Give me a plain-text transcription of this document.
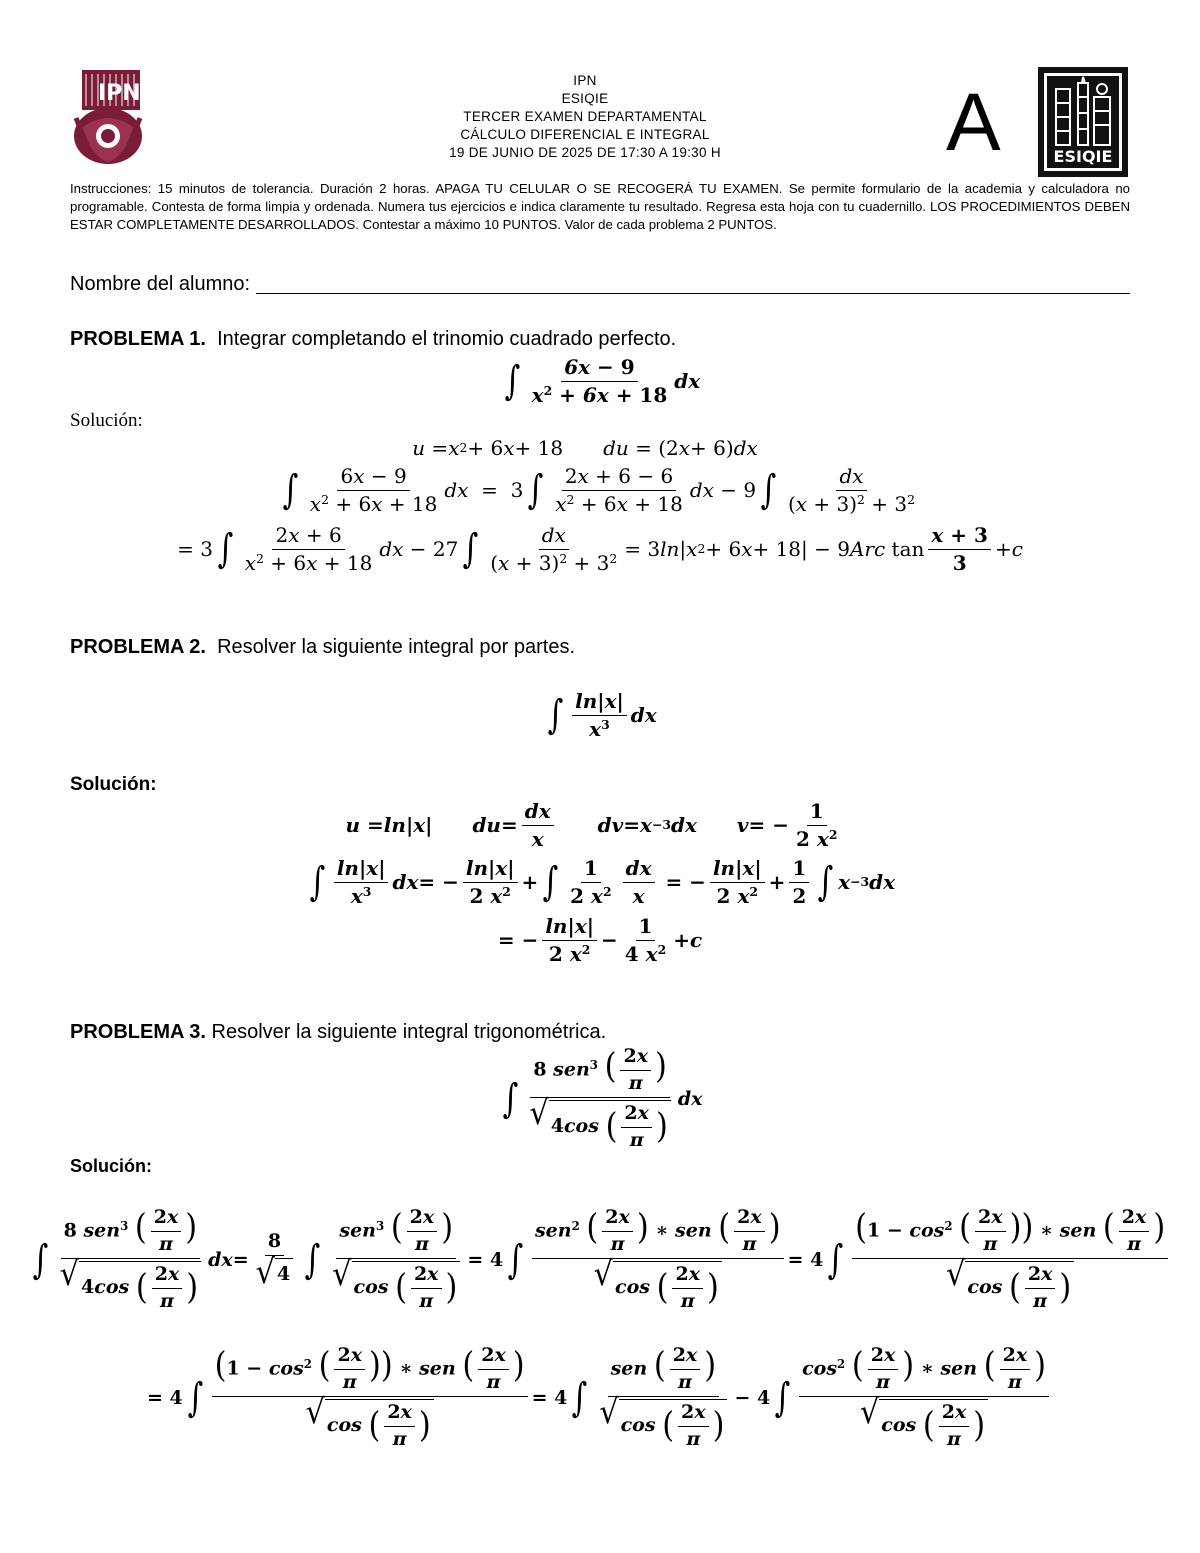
IPN
IPN
ESIQIE
TERCER EXAMEN DEPARTAMENTAL
CÁLCULO DIFERENCIAL E INTEGRAL
19 DE JUNIO DE 2025 DE 17:30 A 19:30 H	A	ESIQIE
Instrucciones: 15 minutos de tolerancia. Duración 2 horas. APAGA TU CELULAR O SE RECOGERÁ TU EXAMEN. Se permite formulario de la academia y calculadora no programable. Contesta de forma limpia y ordenada. Numera tus ejercicios e indica claramente tu resultado. Regresa esta hoja con tu cuadernillo. LOS PROCEDIMIENTOS DEBEN ESTAR COMPLETAMENTE DESARROLLADOS. Contestar a máximo 10 PUNTOS. Valor de cada problema 2 PUNTOS.
Nombre del alumno:
PROBLEMA 1. Integrar completando el trinomio cuadrado perfecto.
∫ $\frac{6x - 9}{x^2 + 6x + 18}$ dx
Solución:
u = x 2 + 6 x + 18 du = (2 x + 6) dx
∫ $\frac{6x - 9}{x^2 + 6x + 18}$ dx =  3 ∫ $\frac{2x + 6 - 6}{x^2 + 6x + 18}$ dx − 9 ∫ $\frac{dx}{(x + 3)^2 + 3^2}$
= 3 ∫ $\frac{2x + 6}{x^2 + 6x + 18}$ dx − 27 ∫ $\frac{dx}{(x + 3)^2 + 3^2} = 3$ ln | x 2 + 6 x + 18| − 9 Arc $\tan \frac{x + 3}{3} + c$
PROBLEMA 2. Resolver la siguiente integral por partes.
∫ $\frac{\ln|x|}{x^3}$ dx
Solución:
u = ln | x | du = $\frac{dx}{x}$ dv = x −3 dx v = − $\frac{1}{2 x^2}$
∫ $\frac{\ln|x|}{x^3}$ dx = − $\frac{\ln|x|}{2 x^2}$ + ∫ $\frac{1}{2 x^2} \frac{dx}{x}$ = − $\frac{\ln|x|}{2 x^2} + \frac{1}{2}$ ∫ x −3 dx
= − $\frac{\ln|x|}{2 x^2} - \frac{1}{4 x^2} + c$
PROBLEMA 3. Resolver la siguiente integral trigonométrica.
∫ 8 sen$^3$ ( $\frac{2x}{\pi}$ )
√ 4 cos
( $\frac{2x}{\pi}$ ) dx
Solución:
∫ 8 sen$^3$ ( $\frac{2x}{\pi}$ )
√ 4 cos
( $\frac{2x}{\pi}$ ) dx = $\frac{8}{√ 4}$ ∫ sen$^3$ ( $\frac{2x}{\pi}$ )
√ cos
( $\frac{2x}{\pi}$ ) = 4 ∫ sen$^2$ ( $\frac{2x}{\pi}$ ) ∗ sen ( $\frac{2x}{\pi}$ )
√ cos
( $\frac{2x}{\pi}$ ) = 4 ∫ ($1 - \cos^2$ ( $\frac{2x}{\pi}$ )) ∗ sen ( $\frac{2x}{\pi}$ )
√ cos
( $\frac{2x}{\pi}$ )
= 4 ∫ ($1 - \cos^2$ ( $\frac{2x}{\pi}$ )) ∗ sen ( $\frac{2x}{\pi}$ )
√ cos
( $\frac{2x}{\pi}$ ) = 4 ∫ sen ( $\frac{2x}{\pi}$ )
√ cos
( $\frac{2x}{\pi}$ ) − 4 ∫ $\cos^2$ ( $\frac{2x}{\pi}$ ) ∗ sen ( $\frac{2x}{\pi}$ )
√ cos
( $\frac{2x}{\pi}$ )
